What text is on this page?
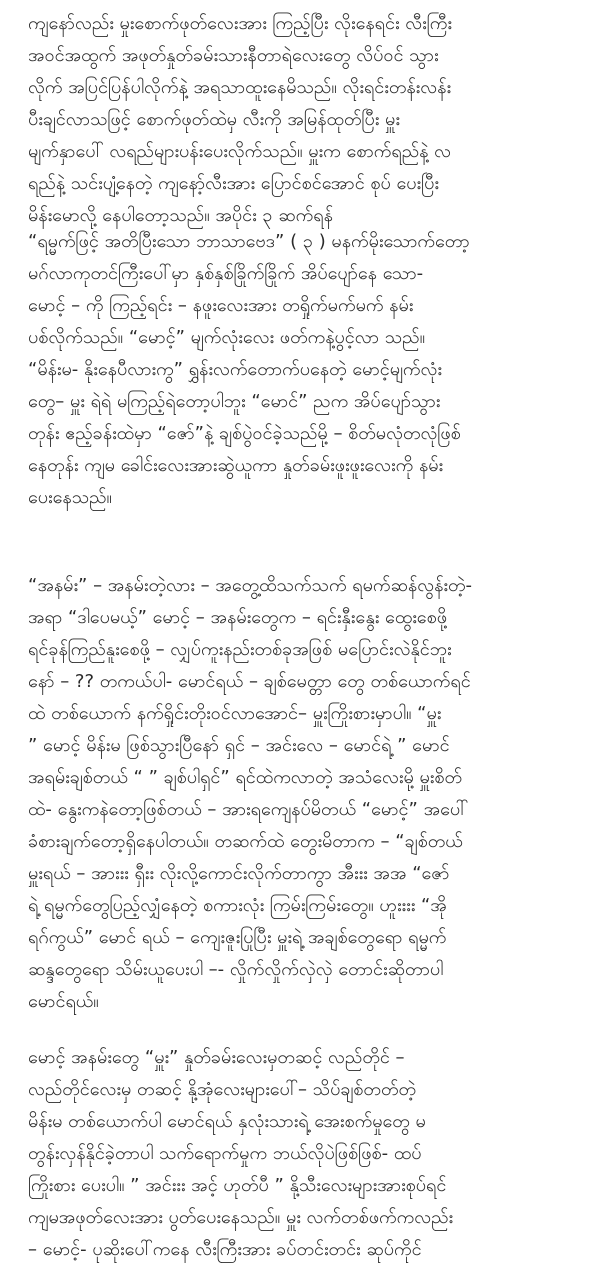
ကျနော်လည်း မှုးစောက်ဖုတ်လေးအား ကြည့်ပြီး လိုးနေရင်း လီးကြီး
အဝင်အထွက် အဖုတ်နှုတ်ခမ်းသားနီတာရဲလေးတွေ လိပ်ဝင် သွား
လိုက် အပြင်ပြန်ပါလိုက်နဲ့ အရသာထူးနေမိသည်။ လိုးရင်းတန်းလန်း
ပီးချင်လာသဖြင့် စောက်ဖုတ်ထဲမှ လီးကို အမြန်ထုတ်ပြီး မှူး
မျက်နှာပေါ် လရည်များပန်းပေးလိုက်သည်။ မှူးက စောက်ရည်နဲ့ လ
ရည်နဲ့ သင်းပျံ့နေတဲ့ ကျနော့်လီးအား ပြောင်စင်အောင် စုပ် ပေးပြီး
မိန်းမောလို့ နေပါတော့သည်။ အပိုင်း ၃ ဆက်ရန်
“ရမ္မက်ဖြင့် အတိပြီးသော ဘာသာဗေဒ” ( ၃ ) မနက်မိုးသောက်တော့
မဂ်လာကုတင်ကြီးပေါ်မှာ နှစ်နှစ်ခြိုက်ခြိုက် အိပ်ပျော်နေ သော-
မောင့် – ကို ကြည့်ရင်း – နဖူးလေးအား တရှိုက်မက်မက် နမ်း
ပစ်လိုက်သည်။ “မောင့်” မျက်လုံးလေး ဖတ်ကနဲ့ပွင့်လာ သည်။
“မိန်းမ- နိုးနေပီလားကွ” ရွှန်းလက်တောက်ပနေတဲ့ မောင့်မျက်လုံး
တွေ– မှူး ရဲရဲ မကြည့်ရဲတော့ပါဘူး “မောင်” ညက အိပ်ပျော်သွား
တုန်း ဧည့်ခန်းထဲမှာ “ဇော်”နဲ့ ချစ်ပွဲဝင်ခဲ့သည်မို့ – စိတ်မလုံတလုံဖြစ်
နေတုန်း ကျမ ခေါင်းလေးအားဆွဲယူကာ နှုတ်ခမ်းဖူးဖူးလေးကို နမ်း
ပေးနေသည်။
“အနမ်း” – အနမ်းတဲ့လား – အတွေ့ထိသက်သက် ရမက်ဆန်လွန်းတဲ့-
အရာ “ဒါပေမယ့်” မောင့် – အနမ်းတွေက – ရင်းနှီးနွေး ထွေးစေဖို့
ရင်ခုန်ကြည်နူးစေဖို့ – လျှပ်ကူးနည်းတစ်ခုအဖြစ် မပြောင်းလဲနိုင်ဘူး
နော် – ?? တကယ်ပါ- မောင်ရယ် – ချစ်မေတ္တာ တွေ တစ်ယောက်ရင်
ထဲ တစ်ယောက် နက်ရှိုင်းတိုးဝင်လာအောင်– မှူးကြိုးစားမှာပါ။ “မှူး
” မောင့် မိန်းမ ဖြစ်သွားပြီနော် ရှင် – အင်းလေ – မောင်ရဲ့ ” မောင်
အရမ်းချစ်တယ် “ ” ချစ်ပါရှင်” ရင်ထဲကလာတဲ့ အသံလေးမို့ မှူးစိတ်
ထဲ- နွေးကနဲတော့ဖြစ်တယ် – အားရကျေနပ်မိတယ် “မောင့်” အပေါ်
ခံစားချက်တော့ရှိနေပါတယ်။ တဆက်ထဲ တွေးမိတာက – “ချစ်တယ်
မှူးရယ် – အားးး ရှီးး လိုးလို့ကောင်းလိုက်တာကွာ အီးးး အအ “ဇော်
ရဲ့ ရမ္မက်တွေပြည့်လျှံနေတဲ့ စကားလုံး ကြမ်းကြမ်းတွေ။ ဟူးးးး “အို
ရဂ်ကွယ်” မောင် ရယ် – ကျေးဇူးပြုပြီး မှူးရဲ့ အချစ်တွေရော ရမ္မက်
ဆန္ဒတွေရော သိမ်းယူပေးပါ –- လှိုက်လှိုက်လှဲလှဲ တောင်းဆိုတာပါ
မောင်ရယ်။
မောင့် အနမ်းတွေ “မှူး” နှုတ်ခမ်းလေးမှတဆင့် လည်တိုင် –
လည်တိုင်လေးမှ တဆင့် နို့အုံလေးများပေါ်– သိပ်ချစ်တတ်တဲ့
မိန်းမ တစ်ယောက်ပါ မောင်ရယ် နှလုံးသားရဲ့ အေးစက်မှုတွေ မ
တွန်းလှန်နိုင်ခဲ့တာပါ သက်ရောက်မှုက ဘယ်လိုပဲဖြစ်ဖြစ်- ထပ်
ကြိုးစား ပေးပါ။ ” အင်းးး အင့် ဟုတ်ပီ ” နို့သီးလေးများအားစုပ်ရင်
ကျမအဖုတ်လေးအား ပွတ်ပေးနေသည်။ မှူး လက်တစ်ဖက်ကလည်း
– မောင့်- ပုဆိုးပေါ်ကနေ လီးကြီးအား ခပ်တင်းတင်း ဆုပ်ကိုင်
